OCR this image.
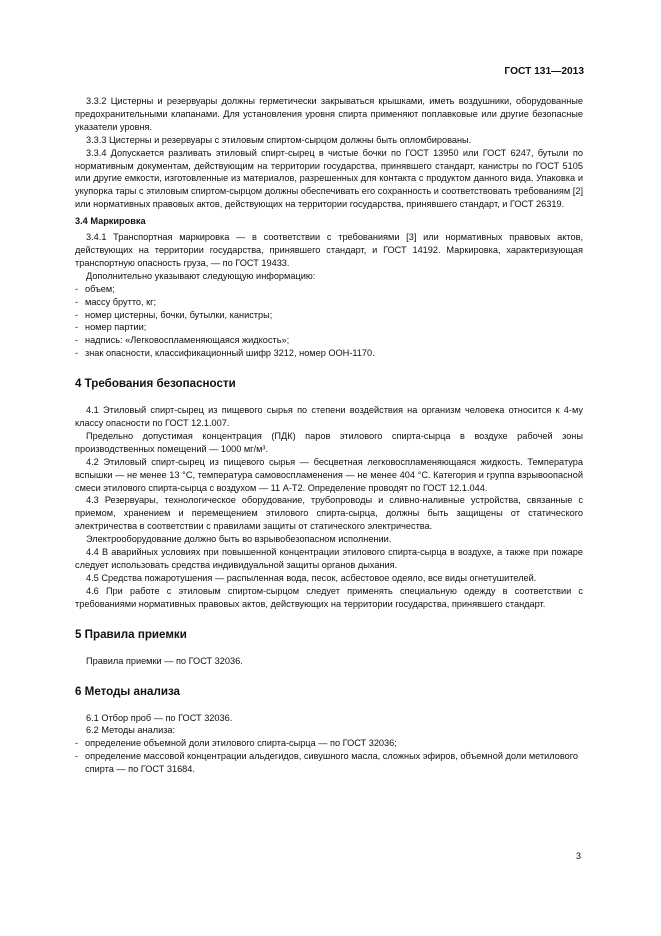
ГОСТ 131—2013
3.3.2 Цистерны и резервуары должны герметически закрываться крышками, иметь воздушники, оборудованные предохранительными клапанами. Для установления уровня спирта применяют поплавковые или другие безопасные указатели уровня.
3.3.3 Цистерны и резервуары с этиловым спиртом-сырцом должны быть опломбированы.
3.3.4 Допускается разливать этиловый спирт-сырец в чистые бочки по ГОСТ 13950 или ГОСТ 6247, бутыли по нормативным документам, действующим на территории государства, принявшего стандарт, канистры по ГОСТ 5105 или другие емкости, изготовленные из материалов, разрешенных для контакта с продуктом данного вида. Упаковка и укупорка тары с этиловым спиртом-сырцом должны обеспечивать его сохранность и соответствовать требованиям [2] или нормативных правовых актов, действующих на территории государства, принявшего стандарт, и ГОСТ 26319.
3.4 Маркировка
3.4.1 Транспортная маркировка — в соответствии с требованиями [3] или нормативных правовых актов, действующих на территории государства, принявшего стандарт, и ГОСТ 14192. Маркировка, характеризующая транспортную опасность груза, — по ГОСТ 19433.
Дополнительно указывают следующую информацию:
- объем;
- массу брутто, кг;
- номер цистерны, бочки, бутылки, канистры;
- номер партии;
- надпись: «Легковоспламеняющаяся жидкость»;
- знак опасности, классификационный шифр 3212, номер ООН-1170.
4 Требования безопасности
4.1 Этиловый спирт-сырец из пищевого сырья по степени воздействия на организм человека относится к 4-му классу опасности по ГОСТ 12.1.007.
Предельно допустимая концентрация (ПДК) паров этилового спирта-сырца в воздухе рабочей зоны производственных помещений — 1000 мг/м³.
4.2 Этиловый спирт-сырец из пищевого сырья — бесцветная легковоспламеняющаяся жидкость. Температура вспышки — не менее 13 °С, температура самовоспламенения — не менее 404 °С. Категория и группа взрывоопасной смеси этилового спирта-сырца с воздухом — 11 А-Т2. Определение проводят по ГОСТ 12.1.044.
4.3 Резервуары, технологическое оборудование, трубопроводы и сливно-наливные устройства, связанные с приемом, хранением и перемещением этилового спирта-сырца, должны быть защищены от статического электричества в соответствии с правилами защиты от статического электричества.
Электрооборудование должно быть во взрывобезопасном исполнении.
4.4 В аварийных условиях при повышенной концентрации этилового спирта-сырца в воздухе, а также при пожаре следует использовать средства индивидуальной защиты органов дыхания.
4.5 Средства пожаротушения — распыленная вода, песок, асбестовое одеяло, все виды огнетушителей.
4.6 При работе с этиловым спиртом-сырцом следует применять специальную одежду в соответствии с требованиями нормативных правовых актов, действующих на территории государства, принявшего стандарт.
5 Правила приемки
Правила приемки — по ГОСТ 32036.
6 Методы анализа
6.1 Отбор проб — по ГОСТ 32036.
6.2 Методы анализа:
- определение объемной доли этилового спирта-сырца — по ГОСТ 32036;
- определение массовой концентрации альдегидов, сивушного масла, сложных эфиров, объемной доли метилового спирта — по ГОСТ 31684.
3
